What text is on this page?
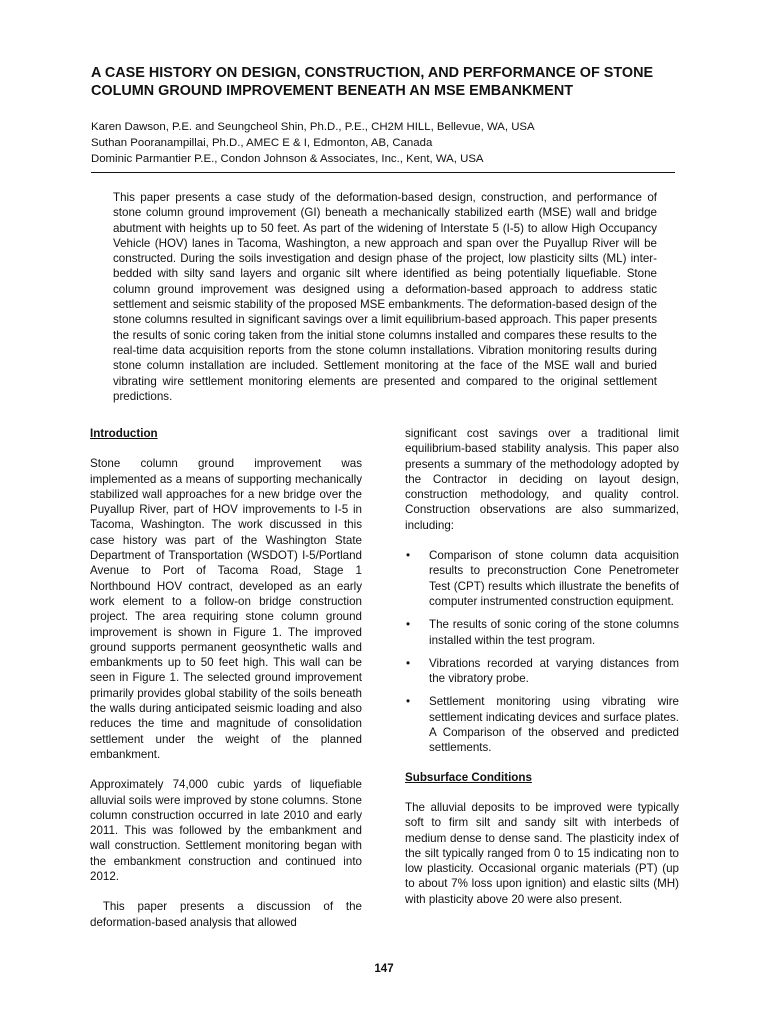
A CASE HISTORY ON DESIGN, CONSTRUCTION, AND PERFORMANCE OF STONE COLUMN GROUND IMPROVEMENT BENEATH AN MSE EMBANKMENT
Karen Dawson, P.E. and Seungcheol Shin, Ph.D., P.E., CH2M HILL, Bellevue, WA, USA
Suthan Pooranampillai, Ph.D., AMEC E & I, Edmonton, AB, Canada
Dominic Parmantier P.E., Condon Johnson & Associates, Inc., Kent, WA, USA

This paper presents a case study of the deformation-based design, construction, and performance of stone column ground improvement (GI) beneath a mechanically stabilized earth (MSE) wall and bridge abutment with heights up to 50 feet. As part of the widening of Interstate 5 (I-5) to allow High Occupancy Vehicle (HOV) lanes in Tacoma, Washington, a new approach and span over the Puyallup River will be constructed. During the soils investigation and design phase of the project, low plasticity silts (ML) inter- bedded with silty sand layers and organic silt where identified as being potentially liquefiable. Stone column ground improvement was designed using a deformation-based approach to address static settlement and seismic stability of the proposed MSE embankments. The deformation-based design of the stone columns resulted in significant savings over a limit equilibrium-based approach. This paper presents the results of sonic coring taken from the initial stone columns installed and compares these results to the real-time data acquisition reports from the stone column installations. Vibration monitoring results during stone column installation are included. Settlement monitoring at the face of the MSE wall and buried vibrating wire settlement monitoring elements are presented and compared to the original settlement predictions.

Introduction

Stone column ground improvement was implemented as a means of supporting mechanically stabilized wall approaches for a new bridge over the Puyallup River, part of HOV improvements to I-5 in Tacoma, Washington. The work discussed in this case history was part of the Washington State Department of Transportation (WSDOT) I-5/Portland Avenue to Port of Tacoma Road, Stage 1 Northbound HOV contract, developed as an early work element to a follow-on bridge construction project. The area requiring stone column ground improvement is shown in Figure 1. The improved ground supports permanent geosynthetic walls and embankments up to 50 feet high. This wall can be seen in Figure 1. The selected ground improvement primarily provides global stability of the soils beneath the walls during anticipated seismic loading and also reduces the time and magnitude of consolidation settlement under the weight of the planned embankment.

Approximately 74,000 cubic yards of liquefiable alluvial soils were improved by stone columns. Stone column construction occurred in late 2010 and early 2011. This was followed by the embankment and wall construction. Settlement monitoring began with the embankment construction and continued into 2012.

This paper presents a discussion of the deformation-based analysis that allowed

significant cost savings over a traditional limit equilibrium-based stability analysis. This paper also presents a summary of the methodology adopted by the Contractor in deciding on layout design, construction methodology, and quality control. Construction observations are also summarized, including:

• Comparison of stone column data acquisition results to preconstruction Cone Penetrometer Test (CPT) results which illustrate the benefits of computer instrumented construction equipment.
• The results of sonic coring of the stone columns installed within the test program.
• Vibrations recorded at varying distances from the vibratory probe.
• Settlement monitoring using vibrating wire settlement indicating devices and surface plates. A Comparison of the observed and predicted settlements.

Subsurface Conditions

The alluvial deposits to be improved were typically soft to firm silt and sandy silt with interbeds of medium dense to dense sand. The plasticity index of the silt typically ranged from 0 to 15 indicating non to low plasticity. Occasional organic materials (PT) (up to about 7% loss upon ignition) and elastic silts (MH) with plasticity above 20 were also present.

147
